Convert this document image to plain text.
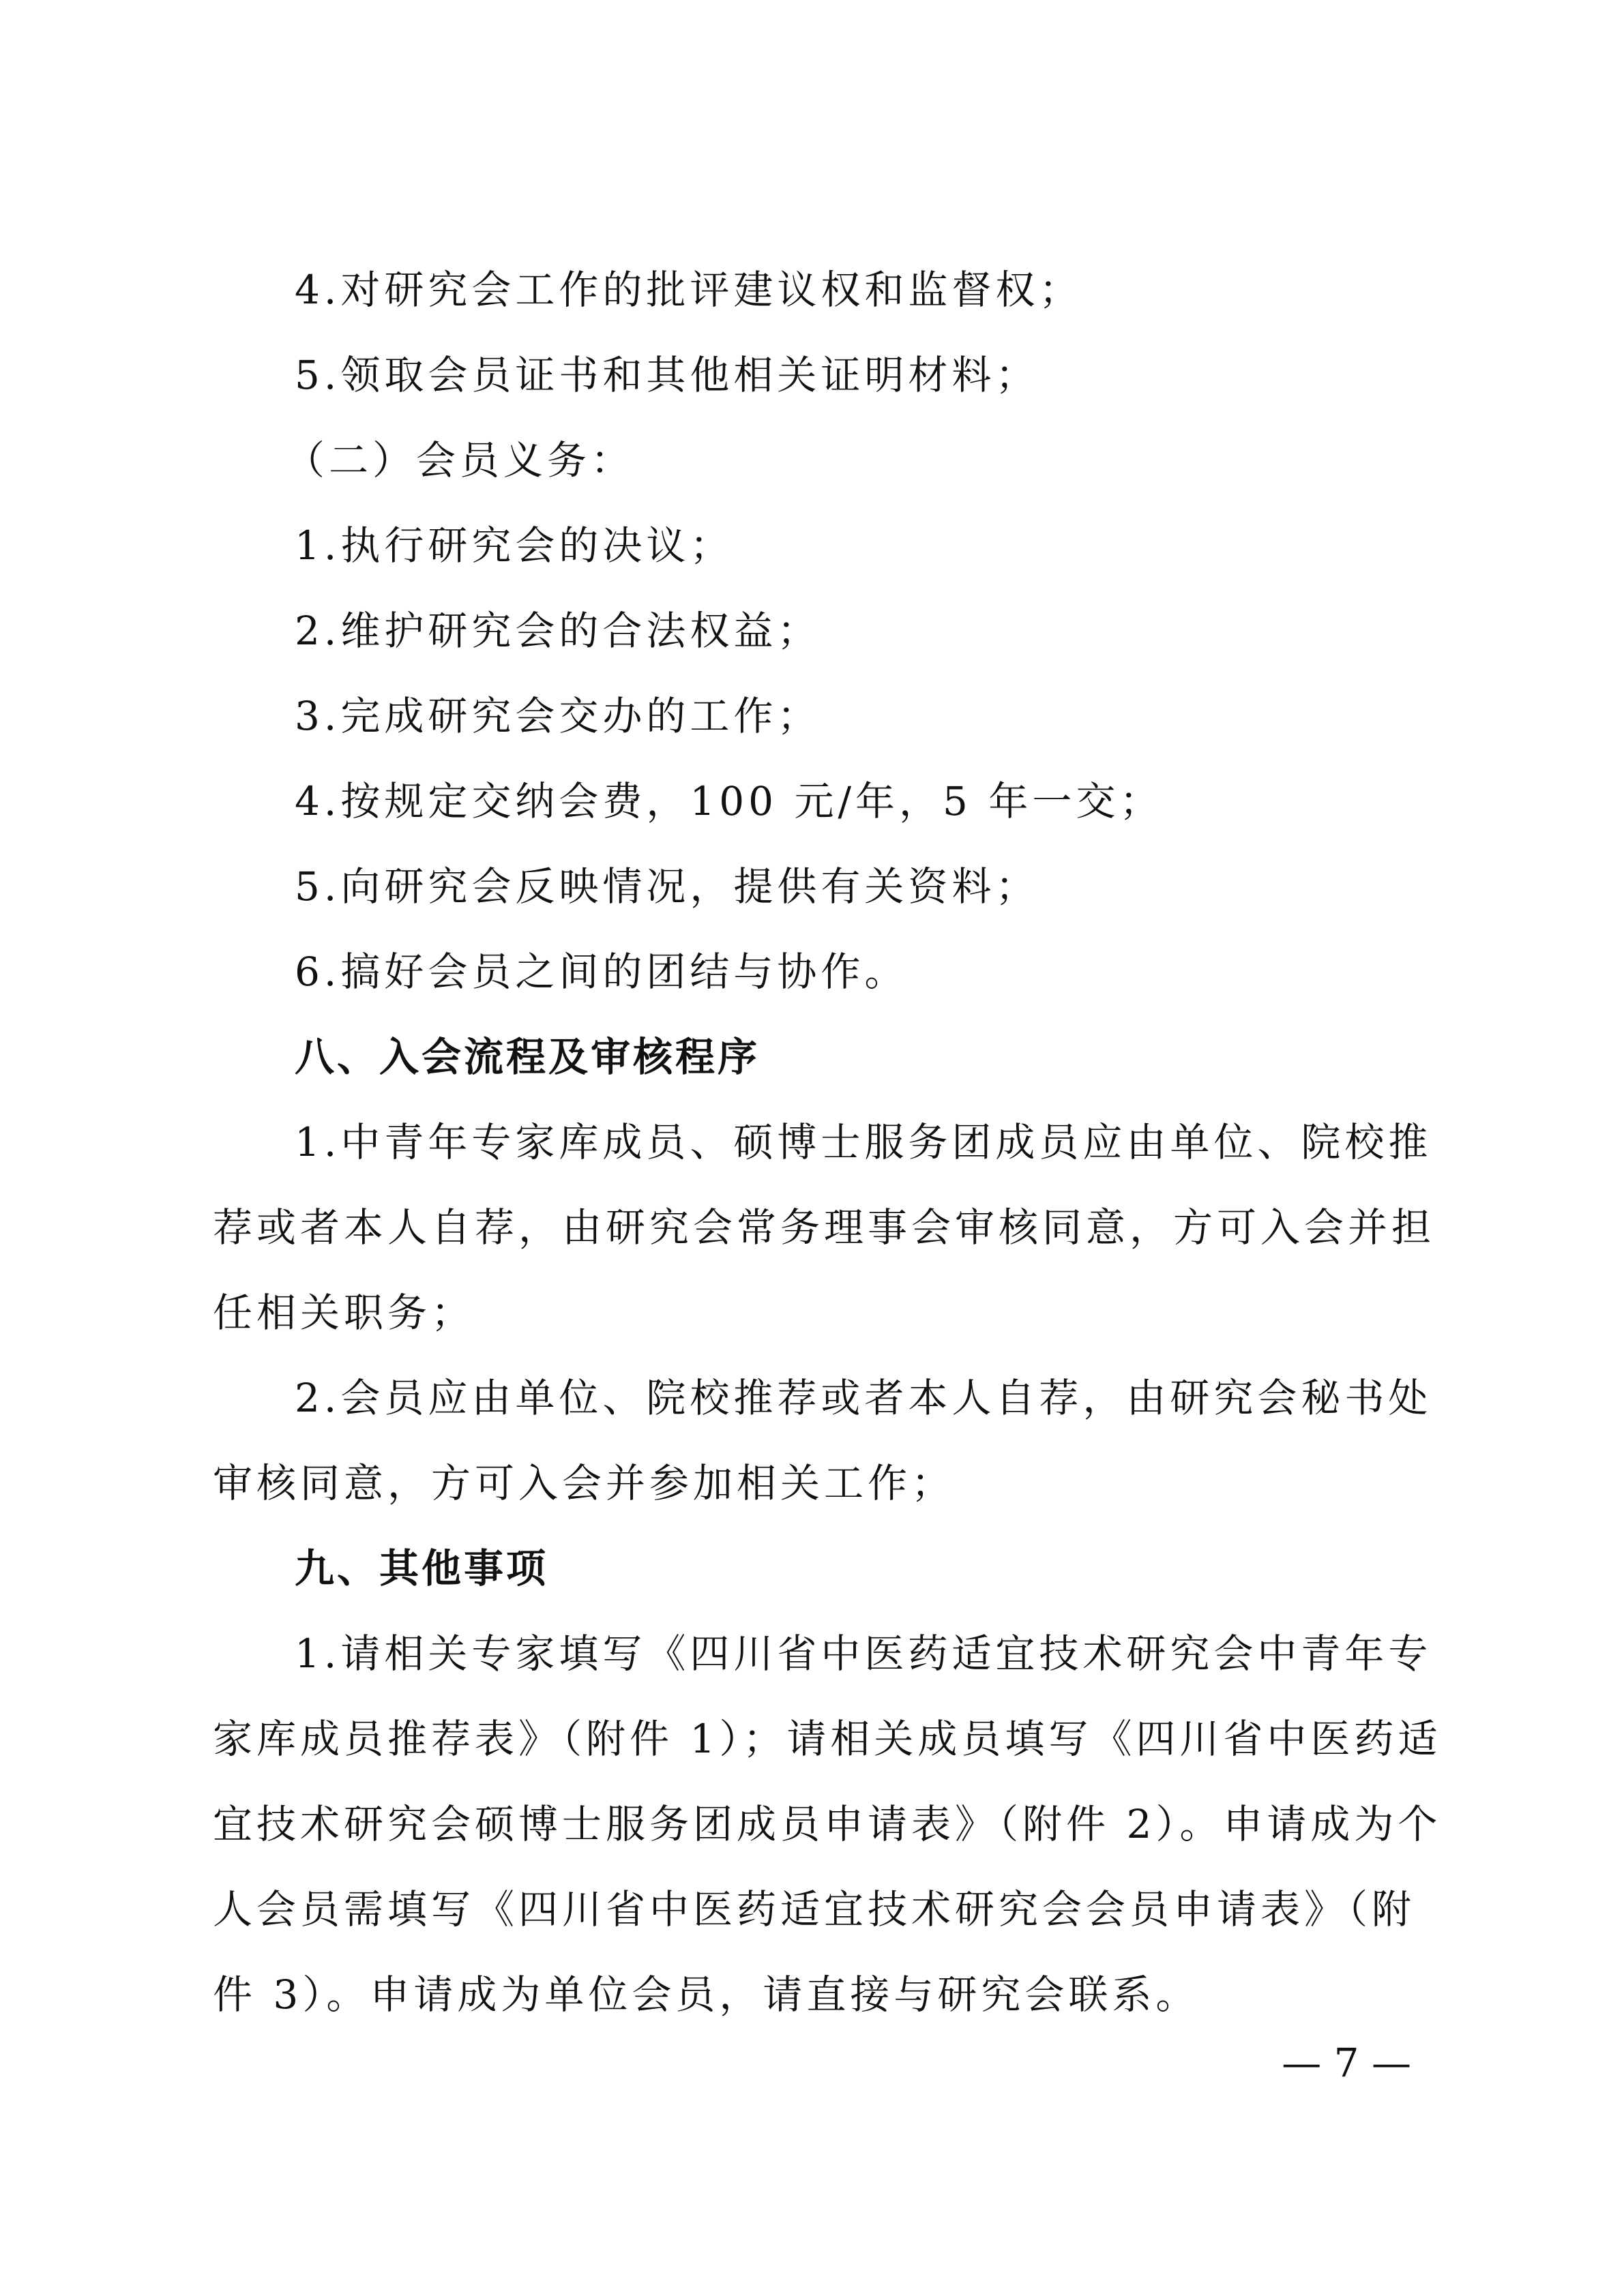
4.对研究会工作的批评建议权和监督权；
5.领取会员证书和其他相关证明材料；
（二）会员义务：
1.执行研究会的决议；
2.维护研究会的合法权益；
3.完成研究会交办的工作；
4.按规定交纳会费，100 元/年，5 年一交；
5.向研究会反映情况，提供有关资料；
6.搞好会员之间的团结与协作。
八、入会流程及审核程序
1.中青年专家库成员、硕博士服务团成员应由单位、院校推
荐或者本人自荐，由研究会常务理事会审核同意，方可入会并担
任相关职务；
2.会员应由单位、院校推荐或者本人自荐，由研究会秘书处
审核同意，方可入会并参加相关工作；
九、其他事项
1.请相关专家填写《四川省中医药适宜技术研究会中青年专
家库成员推荐表》（附件 1）；请相关成员填写《四川省中医药适
宜技术研究会硕博士服务团成员申请表》（附件 2）。申请成为个
人会员需填写《四川省中医药适宜技术研究会会员申请表》（附
件 3）。申请成为单位会员，请直接与研究会联系。
— 7 —
